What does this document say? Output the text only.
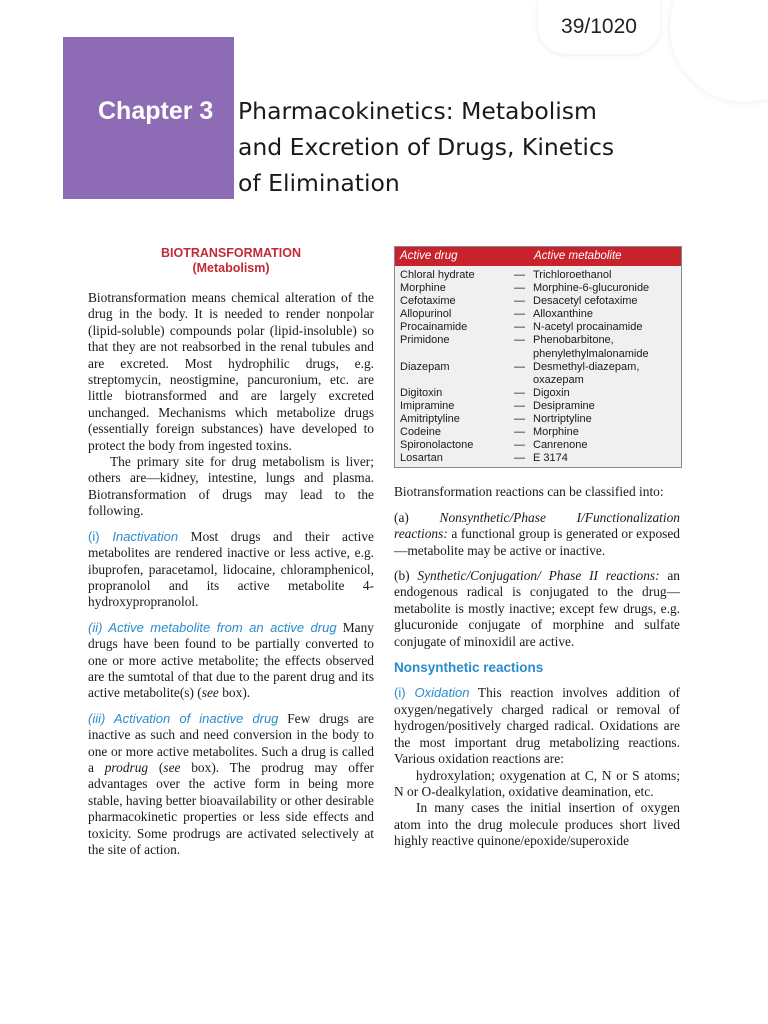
39/1020
Chapter 3 Pharmacokinetics: Metabolism
and Excretion of Drugs, Kinetics
of Elimination
BIOTRANSFORMATION
(Metabolism)

Biotransformation means chemical alteration of the drug in the body. It is needed to render nonpolar (lipid-soluble) compounds polar (lipid-insoluble) so that they are not reabsorbed in the renal tubules and are excreted. Most hydrophilic drugs, e.g. streptomycin, neostigmine, pancuronium, etc. are little biotransformed and are largely excreted unchanged. Mechanisms which metabolize drugs (essentially foreign substances) have developed to protect the body from ingested toxins.

The primary site for drug metabolism is liver; others are—kidney, intestine, lungs and plasma. Biotransformation of drugs may lead to the following.

(i) Inactivation Most drugs and their active metabolites are rendered inactive or less active, e.g. ibuprofen, paracetamol, lidocaine, chloramphenicol, propranolol and its active metabolite 4-hydroxypropranolol.

(ii) Active metabolite from an active drug Many drugs have been found to be partially converted to one or more active metabolite; the effects observed are the sumtotal of that due to the parent drug and its active metabolite(s) (see box).

(iii) Activation of inactive drug Few drugs are inactive as such and need conversion in the body to one or more active metabolites. Such a drug is called a prodrug (see box). The prodrug may offer advantages over the active form in being more stable, having better bioavailability or other desirable pharmacokinetic properties or less side effects and toxicity. Some prodrugs are activated selectively at the site of action.

Active drug	Active metabolite
Chloral hydrate	— Trichloroethanol
Morphine	— Morphine-6-glucuronide
Cefotaxime	— Desacetyl cefotaxime
Allopurinol	— Alloxanthine
Procainamide	— N-acetyl procainamide
Primidone	— Phenobarbitone,
phenylethylmalonamide
Diazepam	— Desmethyl-diazepam,
oxazepam
Digitoxin	— Digoxin
Imipramine	— Desipramine
Amitriptyline	— Nortriptyline
Codeine	— Morphine
Spironolactone	— Canrenone
Losartan	— E 3174

Biotransformation reactions can be classified into:

(a) Nonsynthetic/Phase I/Functionalization reactions: a functional group is generated or exposed—metabolite may be active or inactive.

(b) Synthetic/Conjugation/ Phase II reactions: an endogenous radical is conjugated to the drug—metabolite is mostly inactive; except few drugs, e.g. glucuronide conjugate of morphine and sulfate conjugate of minoxidil are active.

Nonsynthetic reactions

(i) Oxidation This reaction involves addition of oxygen/negatively charged radical or removal of hydrogen/positively charged radical. Oxidations are the most important drug metabolizing reactions. Various oxidation reactions are:

hydroxylation; oxygenation at C, N or S atoms; N or O-dealkylation, oxidative deamination, etc.

In many cases the initial insertion of oxygen atom into the drug molecule produces short lived highly reactive quinone/epoxide/superoxide
